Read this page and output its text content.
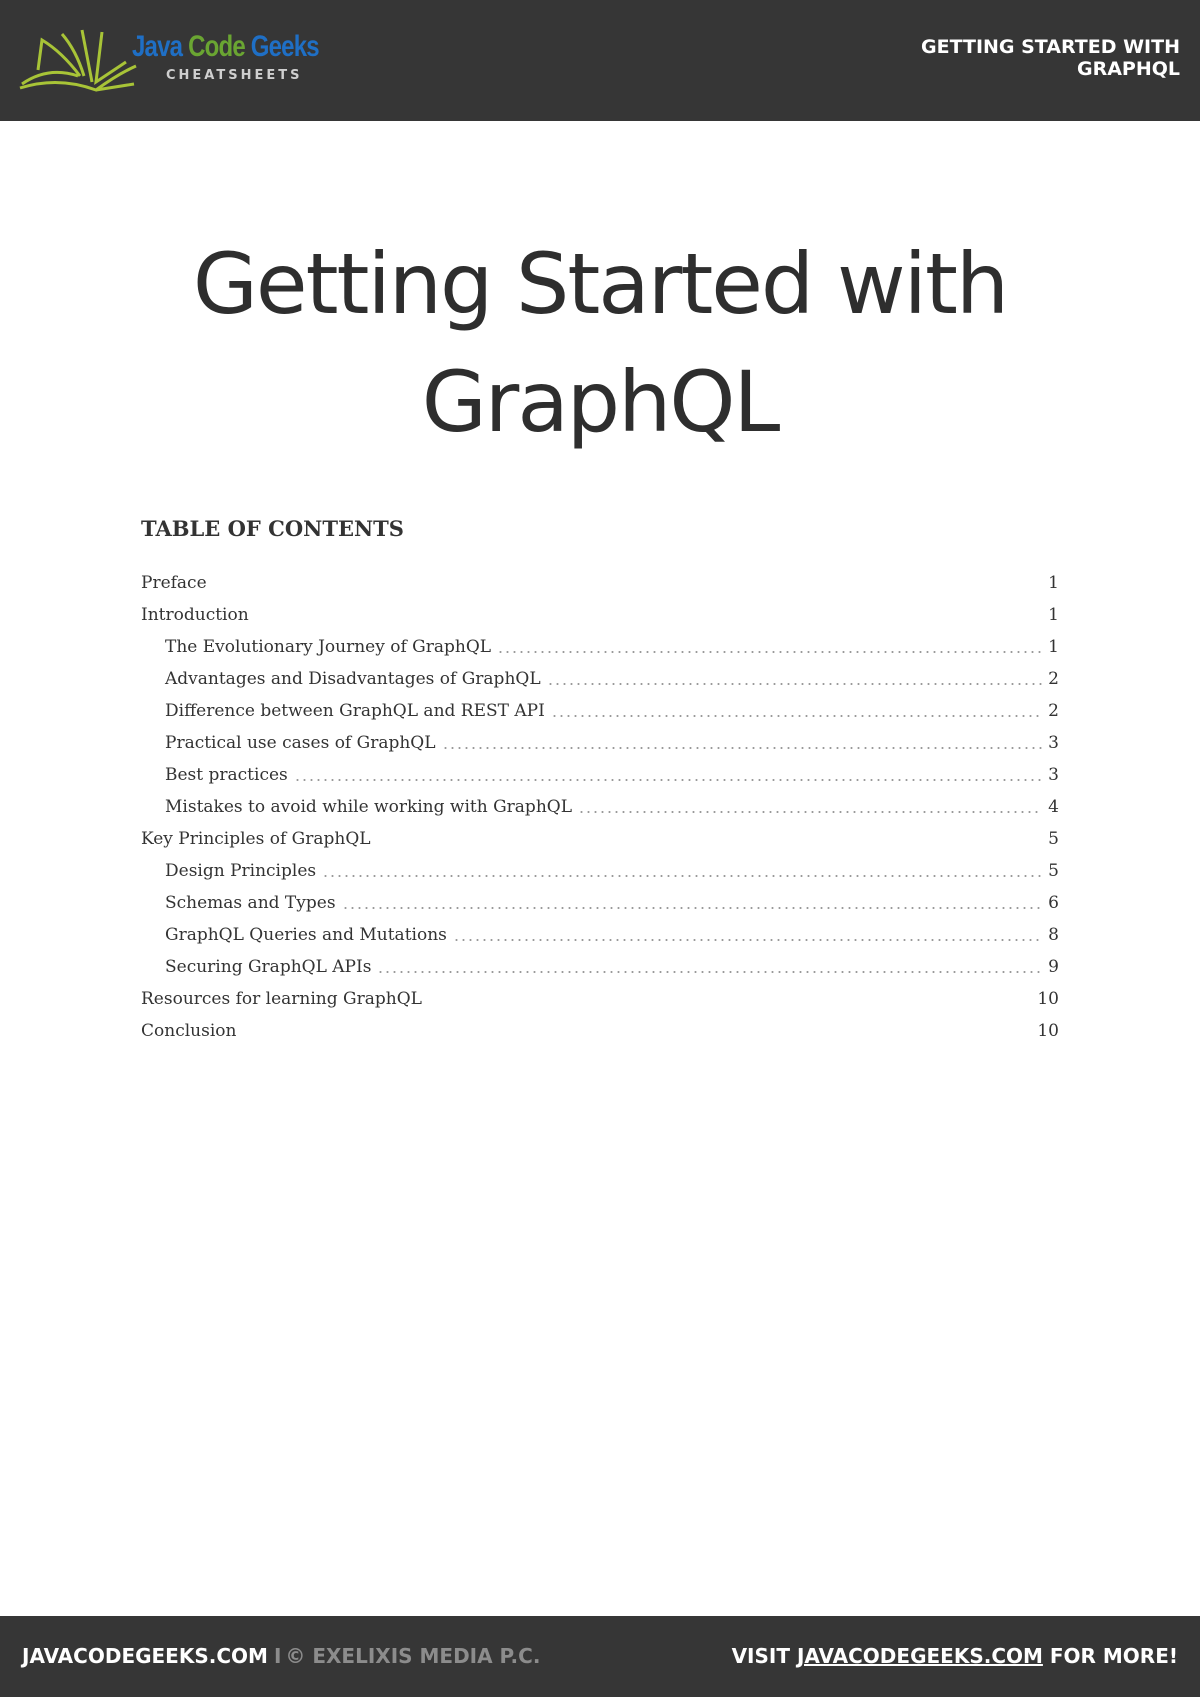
Java Code Geeks
CHEATSHEETS
GETTING STARTED WITH
GRAPHQL
Getting Started with
GraphQL
TABLE OF CONTENTS
Preface	1
Introduction	1
The Evolutionary Journey of GraphQL	1
Advantages and Disadvantages of GraphQL	2
Difference between GraphQL and REST API	2
Practical use cases of GraphQL	3
Best practices	3
Mistakes to avoid while working with GraphQL	4
Key Principles of GraphQL	5
Design Principles	5
Schemas and Types	6
GraphQL Queries and Mutations	8
Securing GraphQL APIs	9
Resources for learning GraphQL	10
Conclusion	10
JAVACODEGEEKS.COM I © EXELIXIS MEDIA P.C.	VISIT JAVACODEGEEKS.COM FOR MORE!
